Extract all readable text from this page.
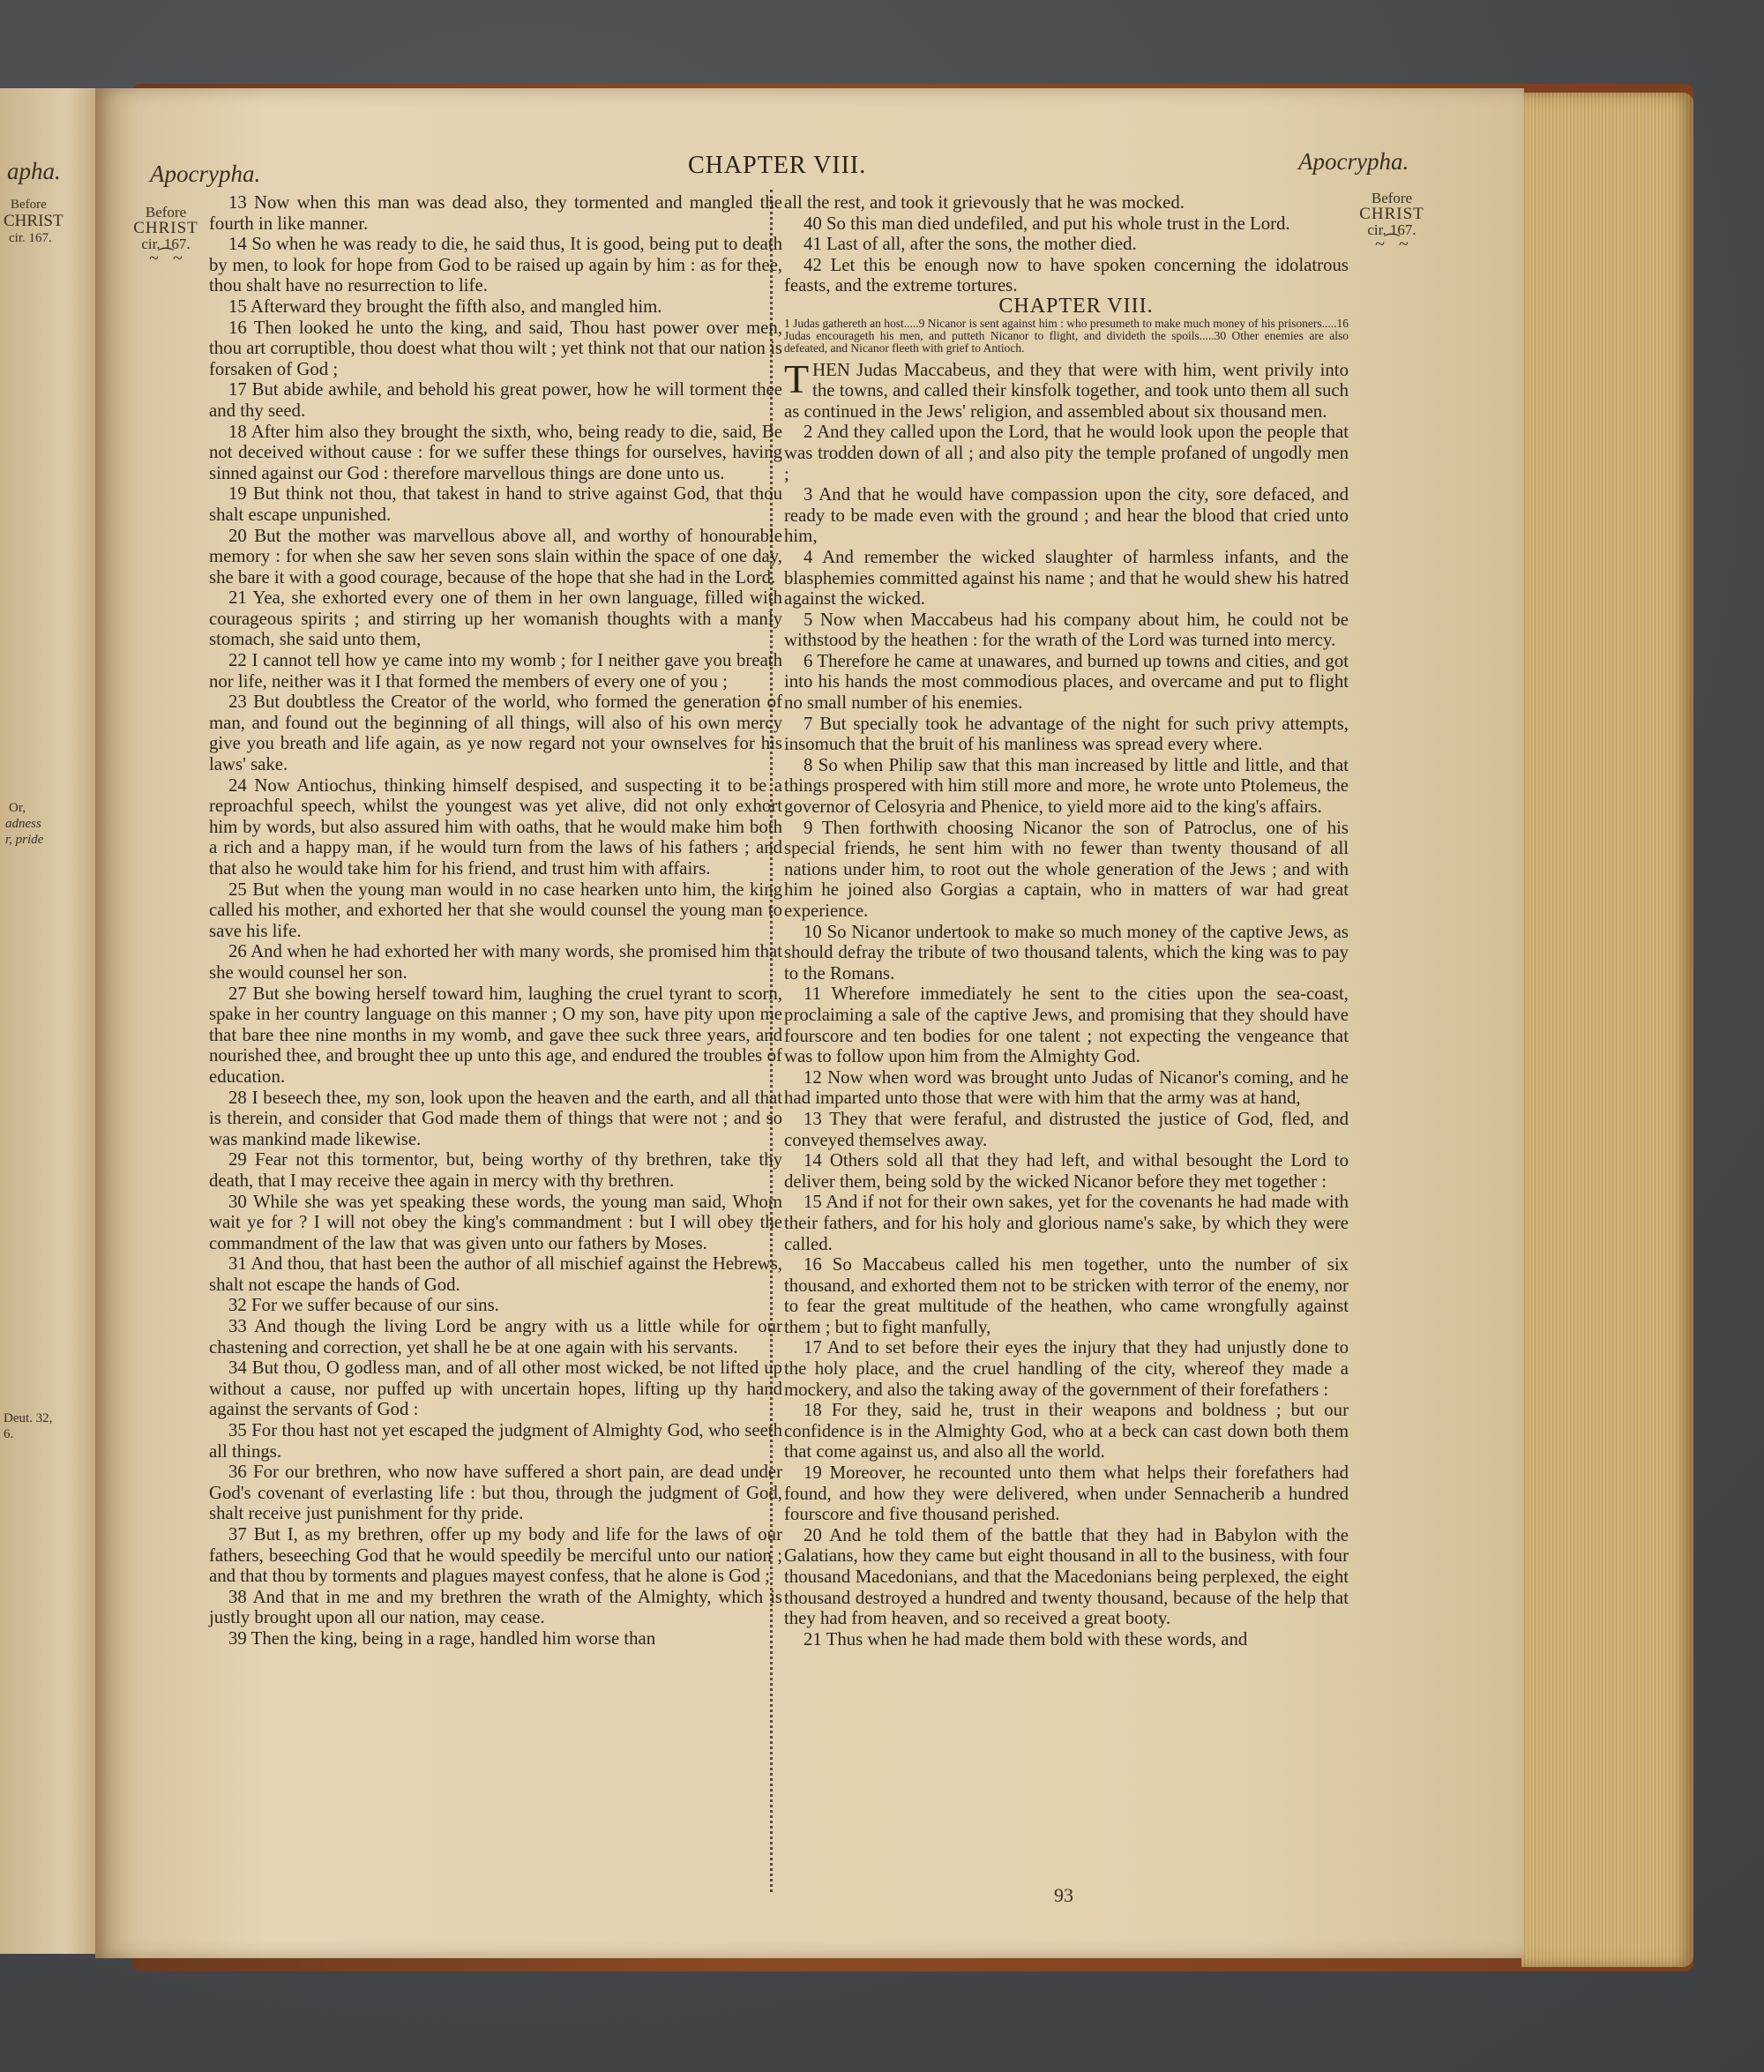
apha.
Before
CHRIST
cir. 167.
Or,
adness
r, pride
Deut. 32,
6.
Apocrypha.	CHAPTER VIII.	Apocrypha.
Before
CHRIST
cir. 167.
~⁀~
Before
CHRIST
cir. 167.
~⁀~

13 Now when this man was dead also, they tormented and mangled the fourth in like manner.

14 So when he was ready to die, he said thus, It is good, being put to death by men, to look for hope from God to be raised up again by him : as for thee, thou shalt have no resurrection to life.

15 Afterward they brought the fifth also, and mangled him.

16 Then looked he unto the king, and said, Thou hast power over men, thou art corruptible, thou doest what thou wilt ; yet think not that our nation is forsaken of God ;

17 But abide awhile, and behold his great power, how he will torment thee and thy seed.

18 After him also they brought the sixth, who, being ready to die, said, Be not deceived without cause : for we suffer these things for ourselves, having sinned against our God : therefore marvellous things are done unto us.

19 But think not thou, that takest in hand to strive against God, that thou shalt escape unpunished.

20 But the mother was marvellous above all, and worthy of honourable memory : for when she saw her seven sons slain within the space of one day, she bare it with a good courage, because of the hope that she had in the Lord.

21 Yea, she exhorted every one of them in her own language, filled with courageous spirits ; and stirring up her womanish thoughts with a manly stomach, she said unto them,

22 I cannot tell how ye came into my womb ; for I neither gave you breath nor life, neither was it I that formed the members of every one of you ;

23 But doubtless the Creator of the world, who formed the generation of man, and found out the beginning of all things, will also of his own mercy give you breath and life again, as ye now regard not your ownselves for his laws' sake.

24 Now Antiochus, thinking himself despised, and suspecting it to be a reproachful speech, whilst the youngest was yet alive, did not only exhort him by words, but also assured him with oaths, that he would make him both a rich and a happy man, if he would turn from the laws of his fathers ; and that also he would take him for his friend, and trust him with affairs.

25 But when the young man would in no case hearken unto him, the king called his mother, and exhorted her that she would counsel the young man to save his life.

26 And when he had exhorted her with many words, she promised him that she would counsel her son.

27 But she bowing herself toward him, laughing the cruel tyrant to scorn, spake in her country language on this manner ; O my son, have pity upon me that bare thee nine months in my womb, and gave thee suck three years, and nourished thee, and brought thee up unto this age, and endured the troubles of education.

28 I beseech thee, my son, look upon the heaven and the earth, and all that is therein, and consider that God made them of things that were not ; and so was mankind made likewise.

29 Fear not this tormentor, but, being worthy of thy brethren, take thy death, that I may receive thee again in mercy with thy brethren.

30 While she was yet speaking these words, the young man said, Whom wait ye for ? I will not obey the king's commandment : but I will obey the commandment of the law that was given unto our fathers by Moses.

31 And thou, that hast been the author of all mischief against the Hebrews, shalt not escape the hands of God.

32 For we suffer because of our sins.

33 And though the living Lord be angry with us a little while for our chastening and correction, yet shall he be at one again with his servants.

34 But thou, O godless man, and of all other most wicked, be not lifted up without a cause, nor puffed up with uncertain hopes, lifting up thy hand against the servants of God :

35 For thou hast not yet escaped the judgment of Almighty God, who seeth all things.

36 For our brethren, who now have suffered a short pain, are dead under God's covenant of everlasting life : but thou, through the judgment of God, shalt receive just punishment for thy pride.

37 But I, as my brethren, offer up my body and life for the laws of our fathers, beseeching God that he would speedily be merciful unto our nation ; and that thou by torments and plagues mayest confess, that he alone is God ;

38 And that in me and my brethren the wrath of the Almighty, which is justly brought upon all our nation, may cease.

39 Then the king, being in a rage, handled him worse than

all the rest, and took it grievously that he was mocked.

40 So this man died undefiled, and put his whole trust in the Lord.

41 Last of all, after the sons, the mother died.

42 Let this be enough now to have spoken concerning the idolatrous feasts, and the extreme tortures.

CHAPTER VIII.

1 Judas gathereth an host.....9 Nicanor is sent against him : who presumeth to make much money of his prisoners.....16 Judas encourageth his men, and putteth Nicanor to flight, and divideth the spoils.....30 Other enemies are also defeated, and Nicanor fleeth with grief to Antioch.

THEN Judas Maccabeus, and they that were with him, went privily into the towns, and called their kinsfolk together, and took unto them all such as continued in the Jews' religion, and assembled about six thousand men.

2 And they called upon the Lord, that he would look upon the people that was trodden down of all ; and also pity the temple profaned of ungodly men ;

3 And that he would have compassion upon the city, sore defaced, and ready to be made even with the ground ; and hear the blood that cried unto him,

4 And remember the wicked slaughter of harmless infants, and the blasphemies committed against his name ; and that he would shew his hatred against the wicked.

5 Now when Maccabeus had his company about him, he could not be withstood by the heathen : for the wrath of the Lord was turned into mercy.

6 Therefore he came at unawares, and burned up towns and cities, and got into his hands the most commodious places, and overcame and put to flight no small number of his enemies.

7 But specially took he advantage of the night for such privy attempts, insomuch that the bruit of his manliness was spread every where.

8 So when Philip saw that this man increased by little and little, and that things prospered with him still more and more, he wrote unto Ptolemeus, the governor of Celosyria and Phenice, to yield more aid to the king's affairs.

9 Then forthwith choosing Nicanor the son of Patroclus, one of his special friends, he sent him with no fewer than twenty thousand of all nations under him, to root out the whole generation of the Jews ; and with him he joined also Gorgias a captain, who in matters of war had great experience.

10 So Nicanor undertook to make so much money of the captive Jews, as should defray the tribute of two thousand talents, which the king was to pay to the Romans.

11 Wherefore immediately he sent to the cities upon the sea-coast, proclaiming a sale of the captive Jews, and promising that they should have fourscore and ten bodies for one talent ; not expecting the vengeance that was to follow upon him from the Almighty God.

12 Now when word was brought unto Judas of Nicanor's coming, and he had imparted unto those that were with him that the army was at hand,

13 They that were feraful, and distrusted the justice of God, fled, and conveyed themselves away.

14 Others sold all that they had left, and withal besought the Lord to deliver them, being sold by the wicked Nicanor before they met together :

15 And if not for their own sakes, yet for the covenants he had made with their fathers, and for his holy and glorious name's sake, by which they were called.

16 So Maccabeus called his men together, unto the number of six thousand, and exhorted them not to be stricken with terror of the enemy, nor to fear the great multitude of the heathen, who came wrongfully against them ; but to fight manfully,

17 And to set before their eyes the injury that they had unjustly done to the holy place, and the cruel handling of the city, whereof they made a mockery, and also the taking away of the government of their forefathers :

18 For they, said he, trust in their weapons and boldness ; but our confidence is in the Almighty God, who at a beck can cast down both them that come against us, and also all the world.

19 Moreover, he recounted unto them what helps their forefathers had found, and how they were delivered, when under Sennacherib a hundred fourscore and five thousand perished.

20 And he told them of the battle that they had in Babylon with the Galatians, how they came but eight thousand in all to the business, with four thousand Macedonians, and that the Macedonians being perplexed, the eight thousand destroyed a hundred and twenty thousand, because of the help that they had from heaven, and so received a great booty.

21 Thus when he had made them bold with these words, and

93
